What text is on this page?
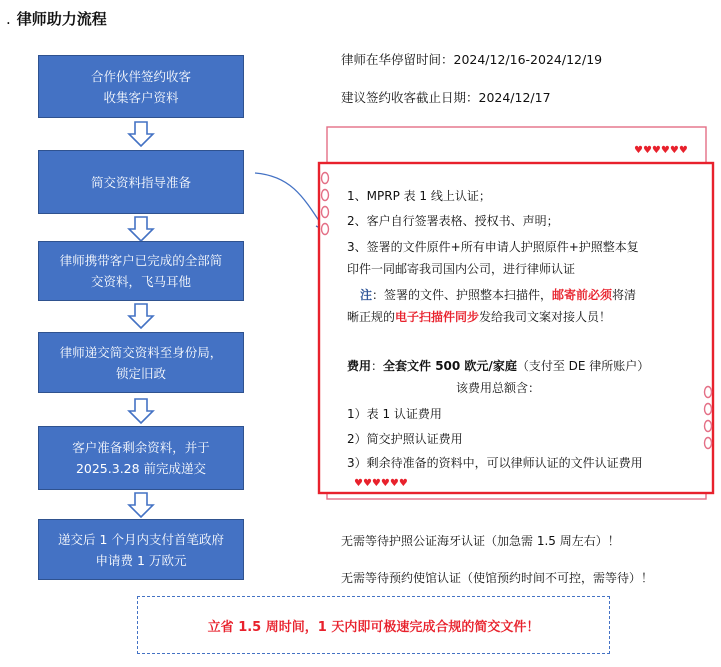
. 律师助力流程
合作伙伴签约收客
收集客户资料
简交资料指导准备
律师携带客户已完成的全部简
交资料，飞马耳他
律师递交简交资料至身份局，
锁定旧政
客户准备剩余资料，并于
2025.3.28 前完成递交
递交后 1 个月内支付首笔政府
申请费 1 万欧元
律师在华停留时间：2024/12/16-2024/12/19
建议签约收客截止日期：2024/12/17
♥♥♥♥♥♥
♥♥♥♥♥♥
1、MPRP 表 1 线上认证；
2、客户自行签署表格、授权书、声明；
3、签署的文件原件+所有申请人护照原件+护照整本复
印件一同邮寄我司国内公司，进行律师认证
注：签署的文件、护照整本扫描件，邮寄前必须将清
晰正规的电子扫描件同步发给我司文案对接人员！
费用：全套文件 500 欧元/家庭（支付至 DE 律所账户）
该费用总额含：
1）表 1 认证费用
2）简交护照认证费用
3）剩余待准备的资料中，可以律师认证的文件认证费用
无需等待护照公证海牙认证（加急需 1.5 周左右）！
无需等待预约使馆认证（使馆预约时间不可控，需等待）！
立省 1.5 周时间，1 天内即可极速完成合规的简交文件！
